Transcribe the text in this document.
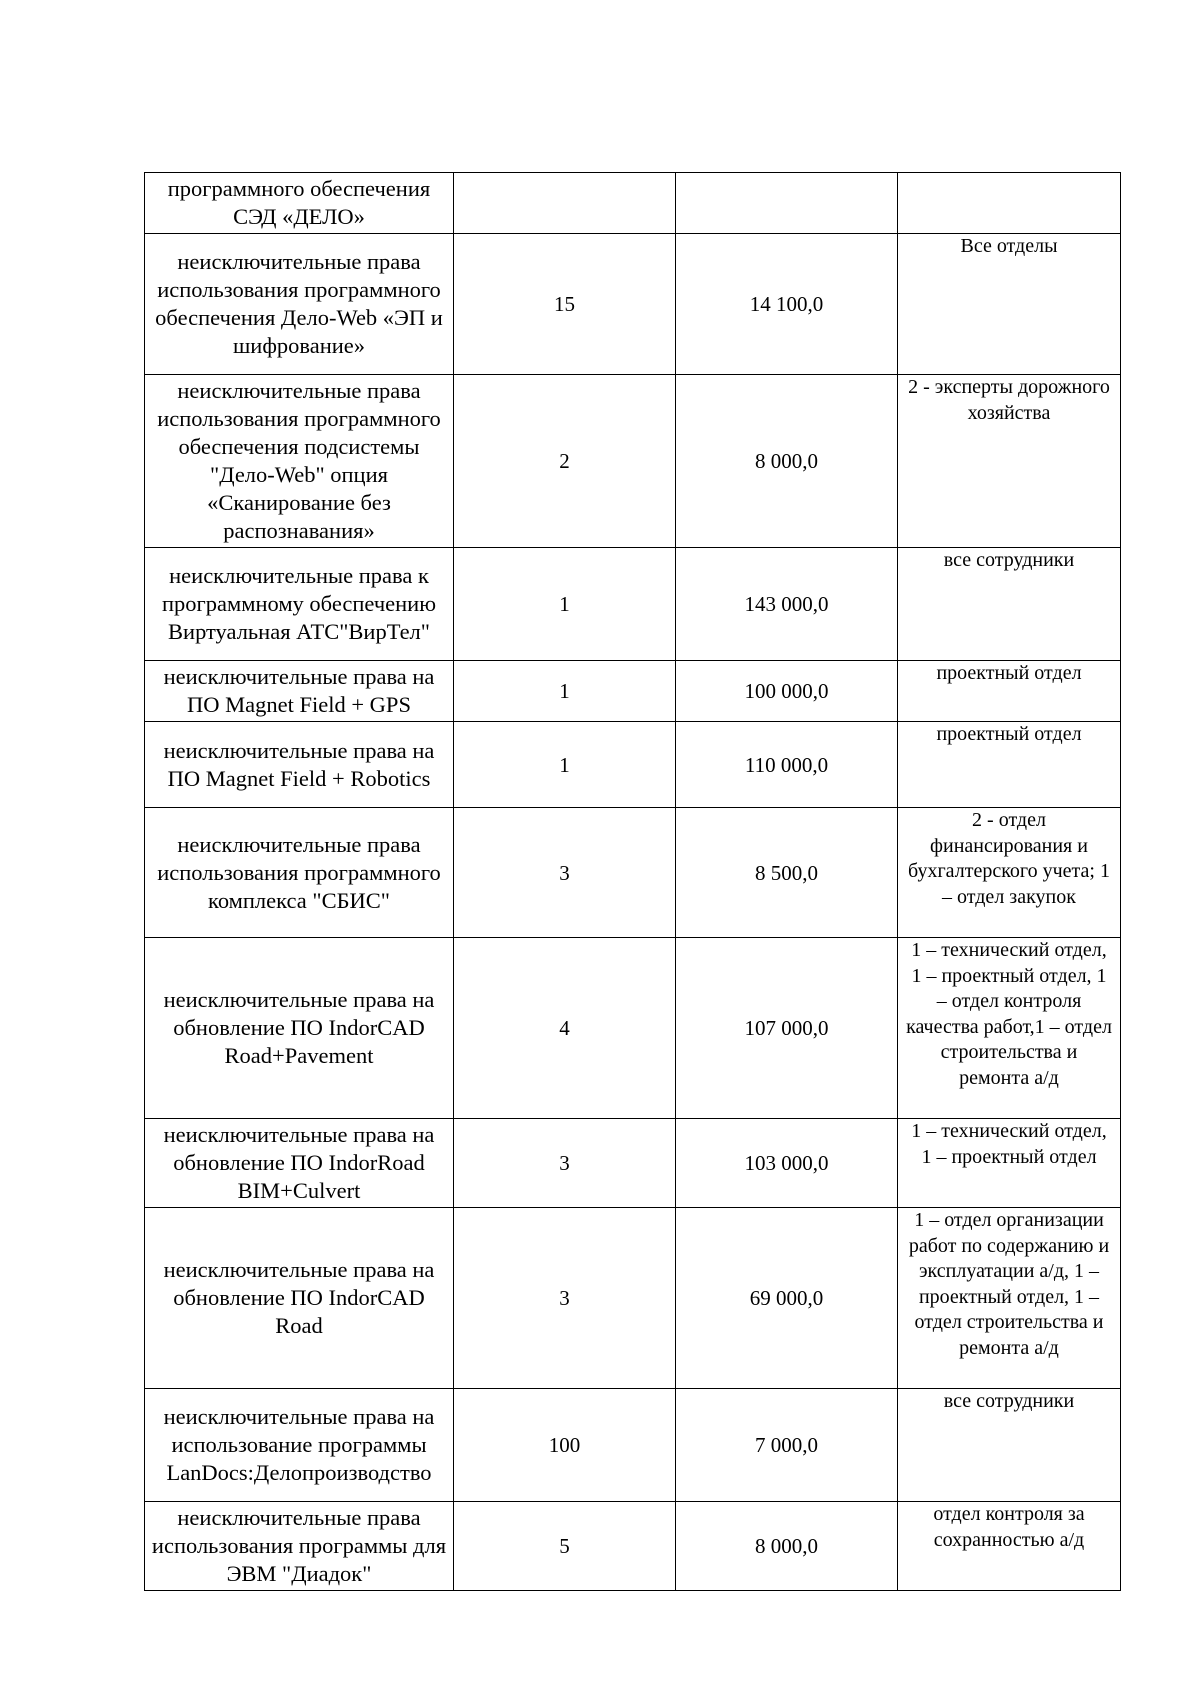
программного обеспечения СЭД «ДЕЛО»			
неисключительные права использования программного обеспечения Дело-Web «ЭП и шифрование»	15	14 100,0	Все отделы
неисключительные права использования программного обеспечения подсистемы "Дело-Web" опция «Сканирование без распознавания»	2	8 000,0	2 - эксперты дорожного хозяйства
неисключительные права к программному обеспечению Виртуальная АТС"ВирТел"	1	143 000,0	все сотрудники
неисключительные права на ПО Magnet Field + GPS	1	100 000,0	проектный отдел
неисключительные права на ПО Magnet Field + Robotics	1	110 000,0	проектный отдел
неисключительные права использования программного комплекса "СБИС"	3	8 500,0	2 - отдел финансирования и бухгалтерского учета; 1 – отдел закупок
неисключительные права на обновление ПО IndorCAD Road+Pavement	4	107 000,0	1 – технический отдел, 1 – проектный отдел, 1 – отдел контроля качества работ,1 – отдел строительства и ремонта а/д
неисключительные права на обновление ПО IndorRoad BIM+Culvert	3	103 000,0	1 – технический отдел, 1 – проектный отдел
неисключительные права на обновление ПО IndorCAD Road	3	69 000,0	1 – отдел организации работ по содержанию и эксплуатации а/д, 1 – проектный отдел, 1 – отдел строительства и ремонта а/д
неисключительные права на использование программы LanDocs:Делопроизводство	100	7 000,0	все сотрудники
неисключительные права использования программы для ЭВМ "Диадок"	5	8 000,0	отдел контроля за сохранностью а/д
